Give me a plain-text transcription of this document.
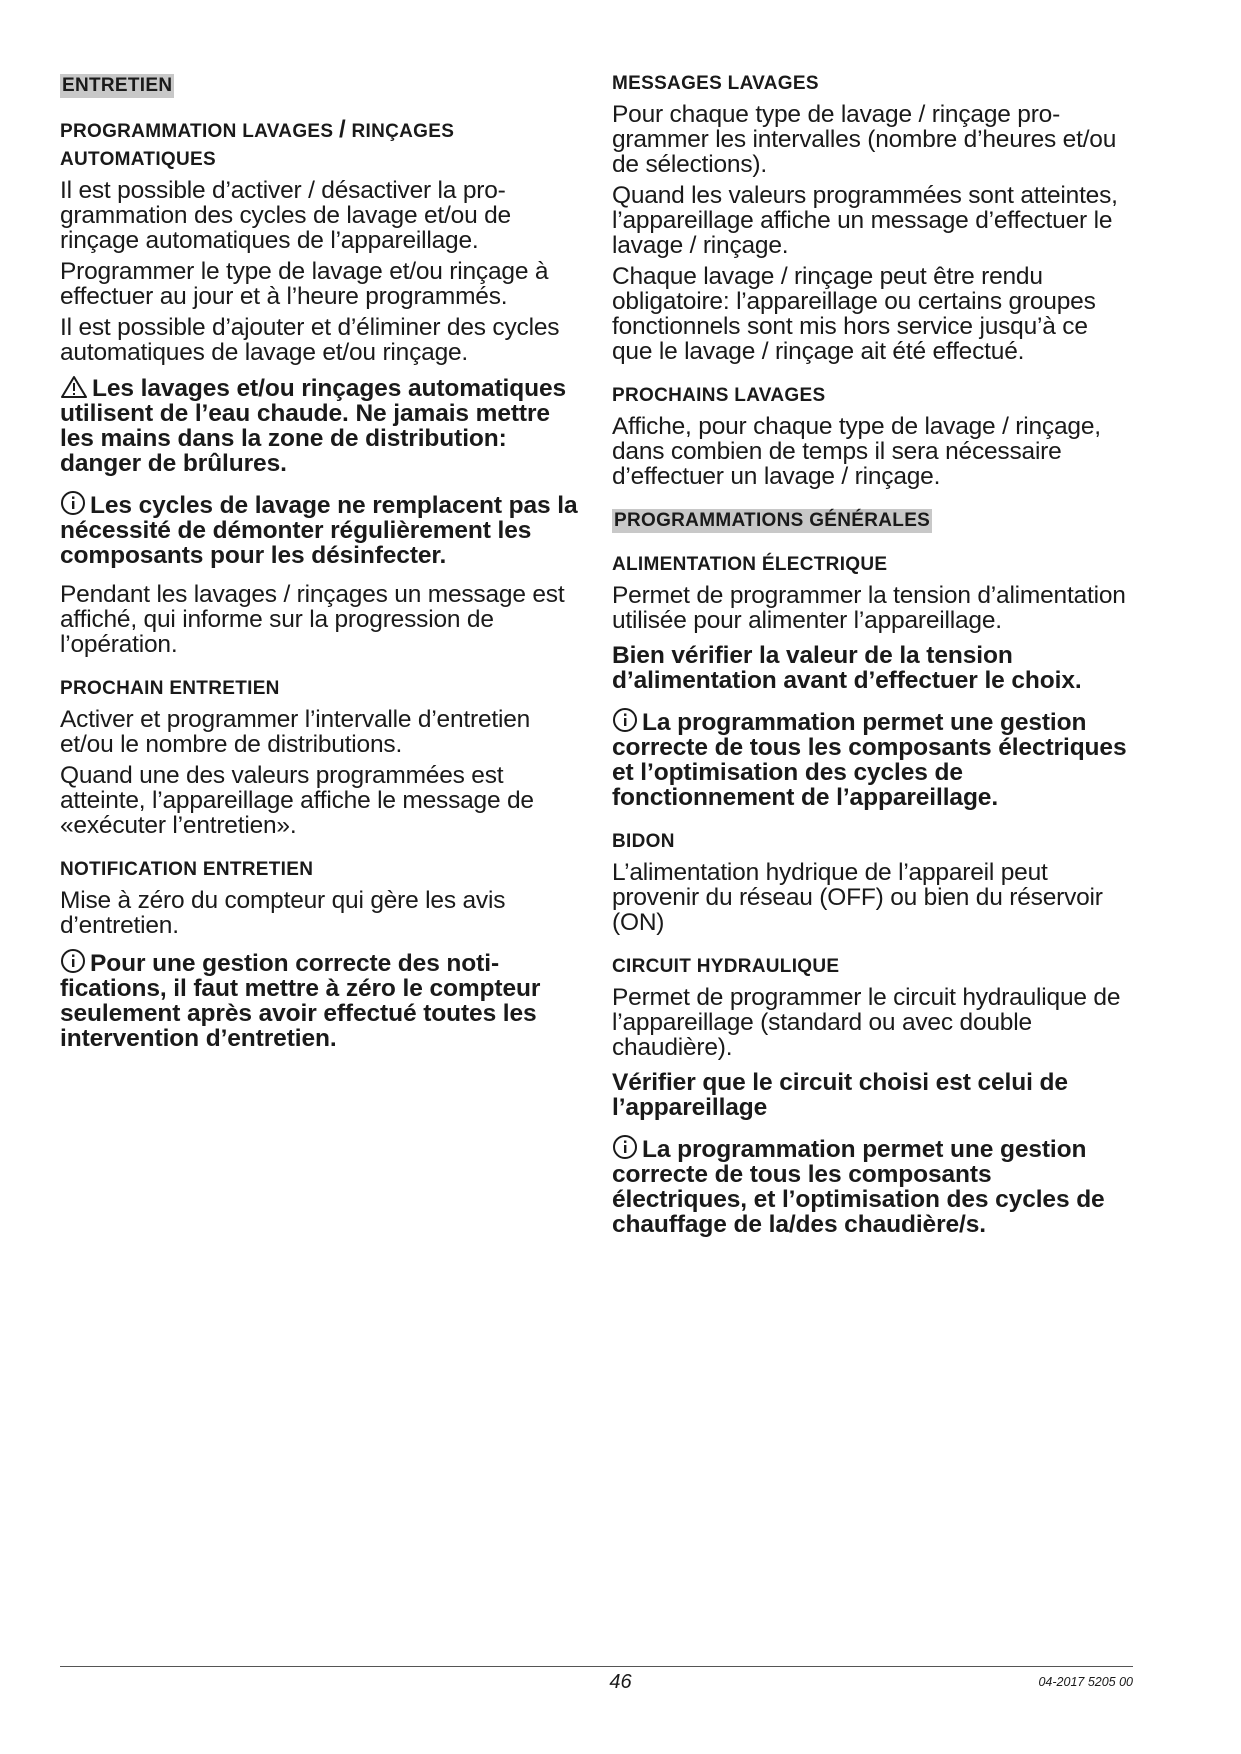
ENTRETIEN
PROGRAMMATION LAVAGES / RINÇAGES
AUTOMATIQUES

Il est possible d’activer / désactiver la programmation des cycles de lavage et/ou de rinçage automatiques de l’appareillage.

Programmer le type de lavage et/ou rinçage à effectuer au jour et à l’heure programmés.

Il est possible d’ajouter et d’éliminer des cycles automatiques de lavage et/ou rinçage.

Les lavages et/ou rinçages automatiques utilisent de l’eau chaude. Ne jamais mettre les mains dans la zone de distribution: danger de brûlures.

Les cycles de lavage ne remplacent pas la nécessité de démonter régulièrement les composants pour les désinfecter.

Pendant les lavages / rinçages un message est affiché, qui informe sur la progression de l’opération.

PROCHAIN ENTRETIEN

Activer et programmer l’intervalle d’entretien et/ou le nombre de distributions.

Quand une des valeurs programmées est atteinte, l’appareillage affiche le message de «exécuter l’entretien».

NOTIFICATION ENTRETIEN

Mise à zéro du compteur qui gère les avis d’entretien.

Pour une gestion correcte des notifications, il faut mettre à zéro le compteur seulement après avoir effectué toutes les intervention d’entretien.

MESSAGES LAVAGES

Pour chaque type de lavage / rinçage programmer les intervalles (nombre d’heures et/ou de sélections).

Quand les valeurs programmées sont atteintes, l’appareillage affiche un message d’effectuer le lavage / rinçage.

Chaque lavage / rinçage peut être rendu obligatoire: l’appareillage ou certains groupes fonctionnels sont mis hors service jusqu’à ce que le lavage / rinçage ait été effectué.

PROCHAINS LAVAGES

Affiche, pour chaque type de lavage / rinçage, dans combien de temps il sera nécessaire d’effectuer un lavage / rinçage.

PROGRAMMATIONS GÉNÉRALES
ALIMENTATION ÉLECTRIQUE

Permet de programmer la tension d’alimentation utilisée pour alimenter l’appareillage.

Bien vérifier la valeur de la tension d’alimentation avant d’effectuer le choix.

La programmation permet une gestion correcte de tous les composants électriques et l’optimisation des cycles de fonctionnement de l’appareillage.

BIDON

L’alimentation hydrique de l’appareil peut provenir du réseau (OFF) ou bien du réservoir (ON)

CIRCUIT HYDRAULIQUE

Permet de programmer le circuit hydraulique de l’appareillage (standard ou avec double chaudière).

Vérifier que le circuit choisi est celui de l’appareillage

La programmation permet une gestion correcte de tous les composants électriques, et l’optimisation des cycles de chauffage de la/des chaudière/s.

46	04-2017 5205 00
